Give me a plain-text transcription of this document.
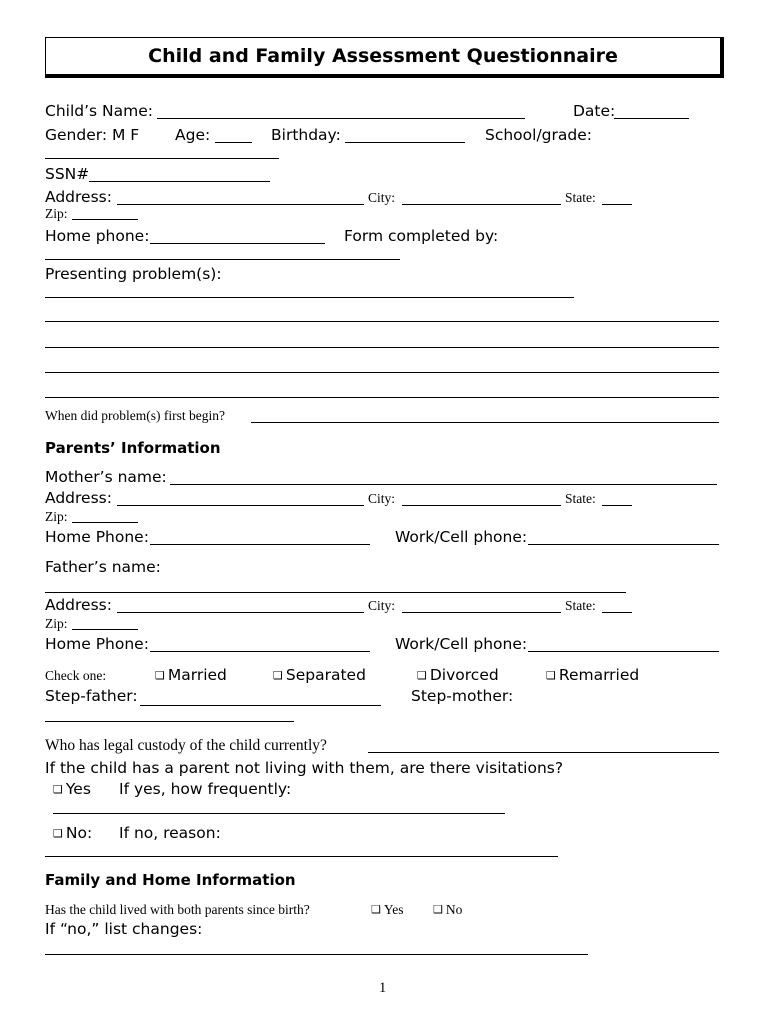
Child and Family Assessment Questionnaire
Child’s Name:	Date:
Gender: M F Age:	Birthday:	School/grade:
SSN#
Address:	City:	State:
Zip:
Home phone:	Form completed by:
Presenting problem(s):
When did problem(s) first begin?
Parents’ Information
Mother’s name:
Address:	City:	State:
Zip:
Home Phone:	Work/Cell phone:
Father’s name:
Address:	City:	State:
Zip:
Home Phone:	Work/Cell phone:
Check one:	❑ Married	❑ Separated	❑ Divorced	❑ Remarried
Step-father:	Step-mother:
Who has legal custody of the child currently?
If the child has a parent not living with them, are there visitations?
❑ Yes If yes, how frequently:
❑ No: If no, reason:
Family and Home Information
Has the child lived with both parents since birth?	❑ Yes	❑ No
If “no,” list changes:
1
